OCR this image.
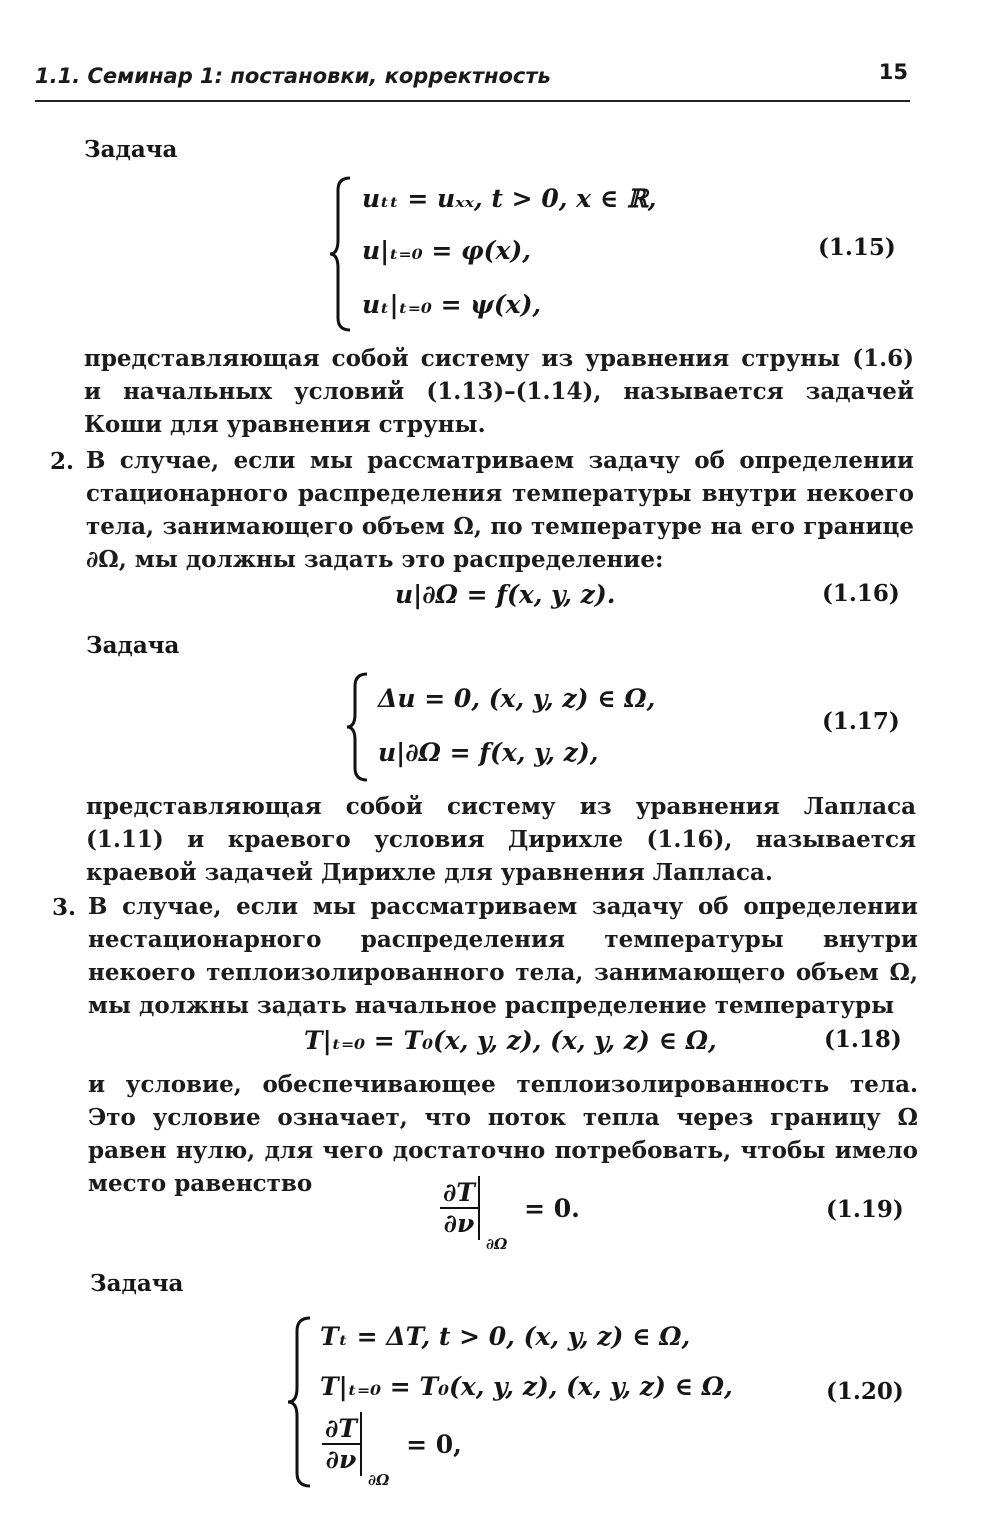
1.1. Семинар 1: постановки, корректность	15
Задача
uₜₜ = uₓₓ, t > 0, x ∈ ℝ,
u|ₜ₌₀ = φ(x),
uₜ|ₜ₌₀ = ψ(x),
(1.15)
представляющая собой систему из уравнения струны (1.6) и начальных условий (1.13)–(1.14), называется задачей Коши для уравнения струны.
2. В случае, если мы рассматриваем задачу об определении стационарного распределения температуры внутри некоего тела, занимающего объем Ω, по температуре на его границе ∂Ω, мы должны задать это распределение:
u|∂Ω = f(x, y, z).	(1.16)
Задача
Δu = 0, (x, y, z) ∈ Ω,
u|∂Ω = f(x, y, z),
(1.17)
представляющая собой систему из уравнения Лапласа (1.11) и краевого условия Дирихле (1.16), называется краевой задачей Дирихле для уравнения Лапласа.
3. В случае, если мы рассматриваем задачу об определении нестационарного распределения температуры внутри некоего теплоизолированного тела, занимающего объем Ω, мы должны задать начальное распределение температуры
T|ₜ₌₀ = T₀(x, y, z), (x, y, z) ∈ Ω,	(1.18)
и условие, обеспечивающее теплоизолированность тела. Это условие означает, что поток тепла через границу Ω равен нулю, для чего достаточно потребовать, чтобы имело место равенство	$\frac{\partial T}{\partial\nu}$
∂Ω = 0.	(1.19)
Задача
Tₜ = ΔT, t > 0, (x, y, z) ∈ Ω,
T|ₜ₌₀ = T₀(x, y, z), (x, y, z) ∈ Ω,
$\frac{\partial T}{\partial\nu}$
∂Ω = 0,
(1.20)
